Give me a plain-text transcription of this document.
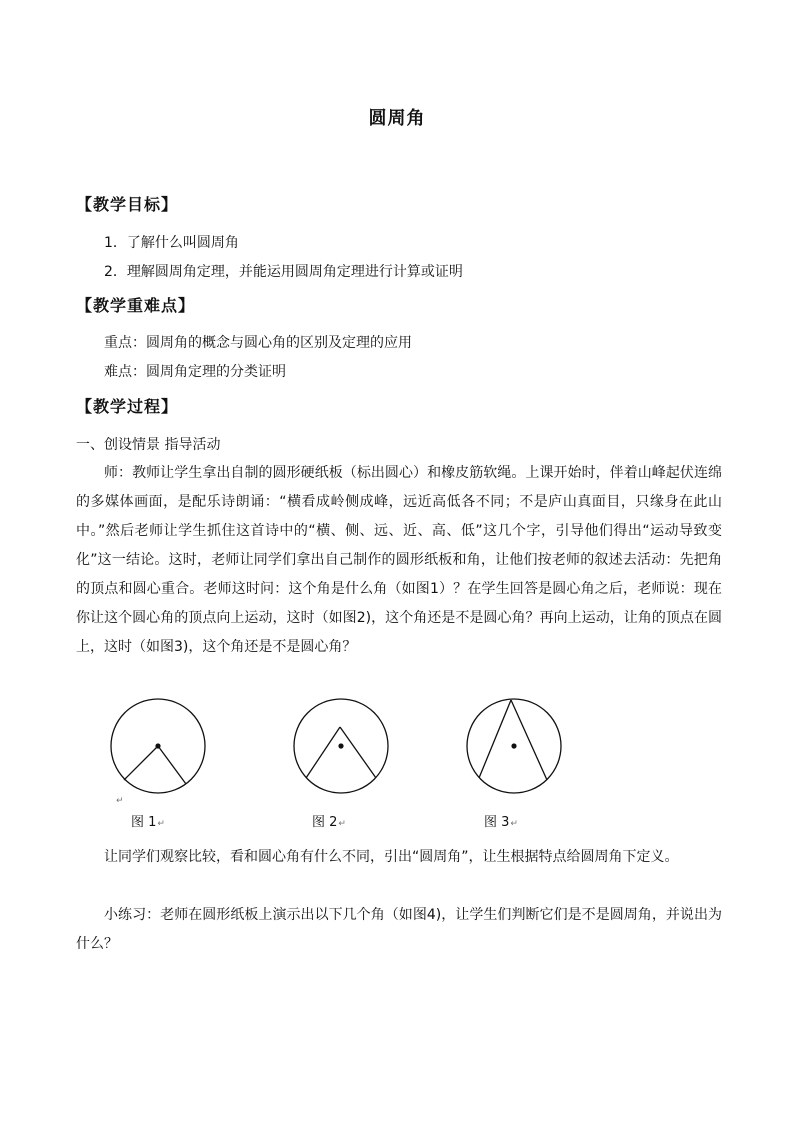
圆周角
【教学目标】
1．了解什么叫圆周角
2．理解圆周角定理，并能运用圆周角定理进行计算或证明
【教学重难点】
重点：圆周角的概念与圆心角的区别及定理的应用
难点：圆周角定理的分类证明
【教学过程】
一、创设情景 指导活动
师：教师让学生拿出自制的圆形硬纸板（标出圆心）和橡皮筋软绳。上课开始时，伴着山峰起伏连绵的多媒体画面，是配乐诗朗诵：“横看成岭侧成峰，远近高低各不同；不是庐山真面目，只缘身在此山中。”然后老师让学生抓住这首诗中的“横、侧、远、近、高、低”这几个字，引导他们得出“运动导致变化”这一结论。这时，老师让同学们拿出自己制作的圆形纸板和角，让他们按老师的叙述去活动：先把角的顶点和圆心重合。老师这时问：这个角是什么角（如图1）？在学生回答是圆心角之后，老师说：现在你让这个圆心角的顶点向上运动，这时（如图2)，这个角还是不是圆心角？再向上运动，让角的顶点在圆上，这时（如图3)，这个角还是不是圆心角？
↵
图 1↵	图 2↵	图 3↵
让同学们观察比较，看和圆心角有什么不同，引出“圆周角”，让生根据特点给圆周角下定义。
小练习：老师在圆形纸板上演示出以下几个角（如图4)，让学生们判断它们是不是圆周角，并说出为什么？
